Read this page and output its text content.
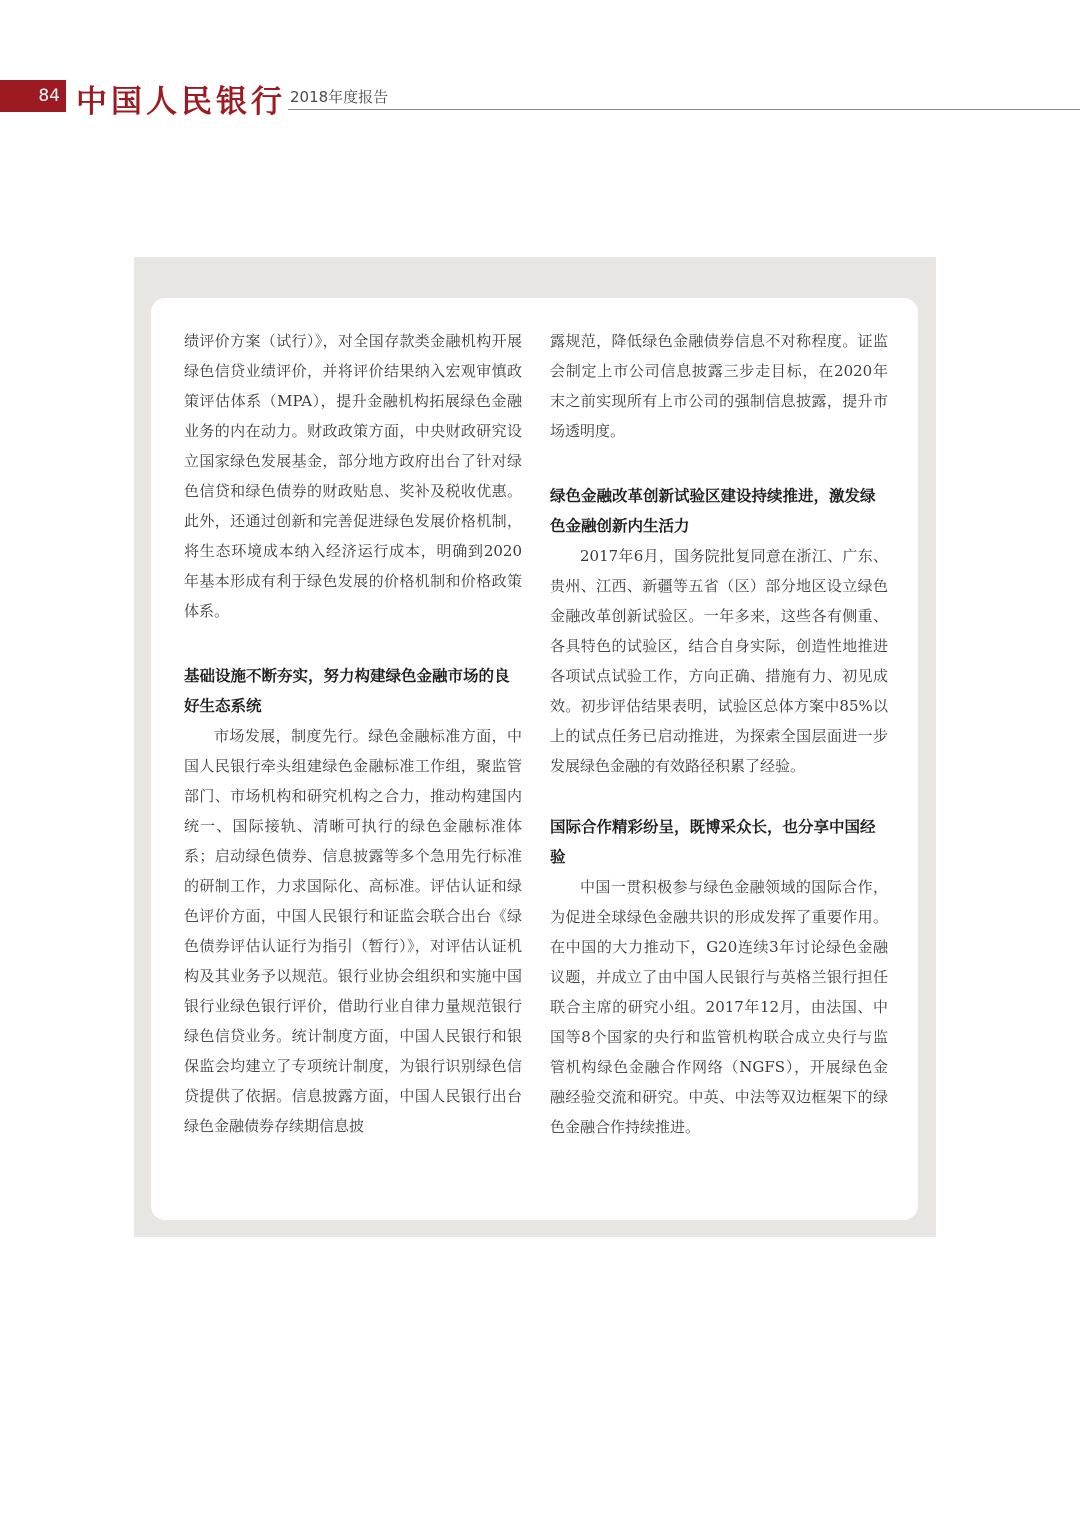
84 中国人民银行 2018年度报告

绩评价方案（试行）》，对全国存款类金融机构开展绿色信贷业绩评价，并将评价结果纳入宏观审慎政策评估体系（MPA），提升金融机构拓展绿色金融业务的内在动力。财政政策方面，中央财政研究设立国家绿色发展基金，部分地方政府出台了针对绿色信贷和绿色债券的财政贴息、奖补及税收优惠。此外，还通过创新和完善促进绿色发展价格机制，将生态环境成本纳入经济运行成本，明确到2020年基本形成有利于绿色发展的价格机制和价格政策体系。

基础设施不断夯实，努力构建绿色金融市场的良好生态系统

市场发展，制度先行。绿色金融标准方面，中国人民银行牵头组建绿色金融标准工作组，聚监管部门、市场机构和研究机构之合力，推动构建国内统一、国际接轨、清晰可执行的绿色金融标准体系；启动绿色债券、信息披露等多个急用先行标准的研制工作，力求国际化、高标准。评估认证和绿色评价方面，中国人民银行和证监会联合出台《绿色债券评估认证行为指引（暂行）》，对评估认证机构及其业务予以规范。银行业协会组织和实施中国银行业绿色银行评价，借助行业自律力量规范银行绿色信贷业务。统计制度方面，中国人民银行和银保监会均建立了专项统计制度，为银行识别绿色信贷提供了依据。信息披露方面，中国人民银行出台绿色金融债券存续期信息披

露规范，降低绿色金融债券信息不对称程度。证监会制定上市公司信息披露三步走目标，在2020年末之前实现所有上市公司的强制信息披露，提升市场透明度。

绿色金融改革创新试验区建设持续推进，激发绿色金融创新内生活力

2017年6月，国务院批复同意在浙江、广东、贵州、江西、新疆等五省（区）部分地区设立绿色金融改革创新试验区。一年多来，这些各有侧重、各具特色的试验区，结合自身实际，创造性地推进各项试点试验工作，方向正确、措施有力、初见成效。初步评估结果表明，试验区总体方案中85%以上的试点任务已启动推进，为探索全国层面进一步发展绿色金融的有效路径积累了经验。

国际合作精彩纷呈，既博采众长，也分享中国经验

中国一贯积极参与绿色金融领域的国际合作，为促进全球绿色金融共识的形成发挥了重要作用。在中国的大力推动下，G20连续3年讨论绿色金融议题，并成立了由中国人民银行与英格兰银行担任联合主席的研究小组。2017年12月，由法国、中国等8个国家的央行和监管机构联合成立央行与监管机构绿色金融合作网络（NGFS），开展绿色金融经验交流和研究。中英、中法等双边框架下的绿色金融合作持续推进。
